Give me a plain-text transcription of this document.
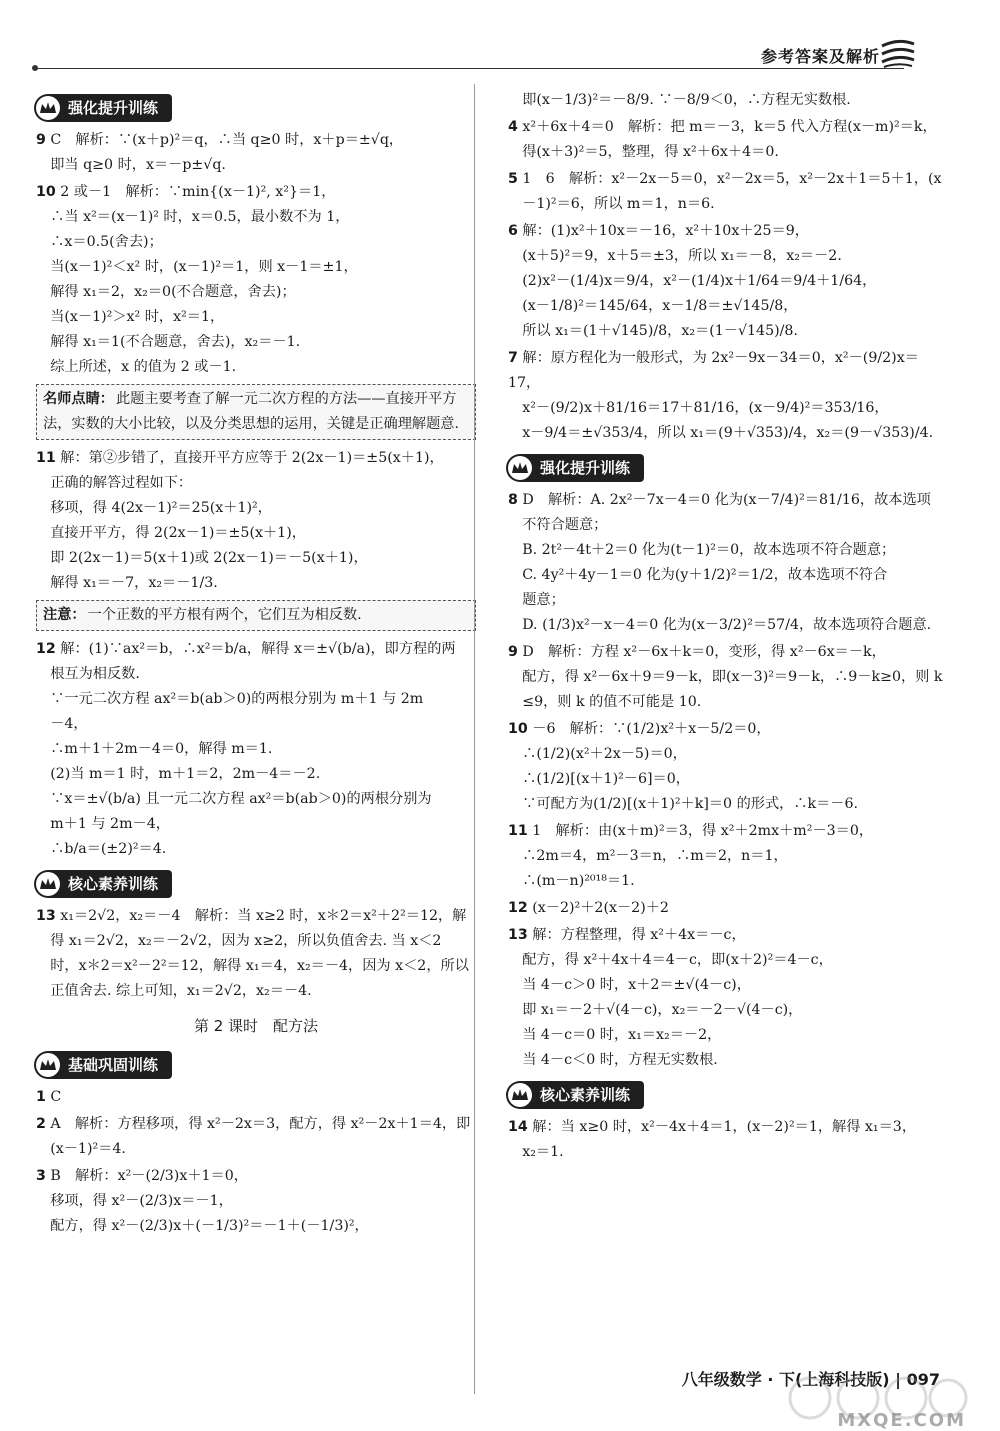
参考答案及解析
强化提升训练
9 C　解析：∵(x＋p)²＝q，∴当 q≥0 时，x＋p＝±√q，
　即当 q≥0 时，x＝－p±√q.
10 2 或－1　解析：∵min{(x－1)², x²}＝1，
　∴当 x²＝(x－1)² 时，x＝0.5，最小数不为 1，
　∴x＝0.5(舍去)；
　当(x－1)²＜x² 时，(x－1)²＝1，则 x－1＝±1，
　解得 x₁＝2，x₂＝0(不合题意，舍去)；
　当(x－1)²＞x² 时，x²＝1，
　解得 x₁＝1(不合题意，舍去)，x₂＝－1.
　综上所述，x 的值为 2 或－1.
名师点睛： 此题主要考查了解一元二次方程的方法——直接开平方法，实数的大小比较，以及分类思想的运用，关键是正确理解题意.
11 解：第②步错了，直接开平方应等于 2(2x－1)＝±5(x＋1)，
　正确的解答过程如下：
　移项，得 4(2x－1)²＝25(x＋1)²，
　直接开平方，得 2(2x－1)＝±5(x＋1)，
　即 2(2x－1)＝5(x＋1)或 2(2x－1)＝－5(x＋1)，
　解得 x₁＝－7，x₂＝－1/3.
注意： 一个正数的平方根有两个，它们互为相反数.
12 解：(1)∵ax²＝b，∴x²＝b/a，解得 x＝±√(b/a)，即方程的两
　根互为相反数.
　∵一元二次方程 ax²＝b(ab＞0)的两根分别为 m＋1 与 2m
　－4，
　∴m＋1＋2m－4＝0，解得 m＝1.
　(2)当 m＝1 时，m＋1＝2，2m－4＝－2.
　∵x＝±√(b/a) 且一元二次方程 ax²＝b(ab＞0)的两根分别为
　m＋1 与 2m－4，
　∴b/a＝(±2)²＝4.
核心素养训练
13 x₁＝2√2，x₂＝－4　解析：当 x≥2 时，x＊2＝x²＋2²＝12，解
　得 x₁＝2√2，x₂＝－2√2，因为 x≥2，所以负值舍去. 当 x＜2
　时，x＊2＝x²－2²＝12，解得 x₁＝4，x₂＝－4，因为 x＜2，所以
　正值舍去. 综上可知，x₁＝2√2，x₂＝－4.
第 2 课时　配方法
基础巩固训练
1 C
2 A　解析：方程移项，得 x²－2x＝3，配方，得 x²－2x＋1＝4，即
　(x－1)²＝4.
3 B　解析：x²－(2/3)x＋1＝0，
　移项，得 x²－(2/3)x＝－1，
　配方，得 x²－(2/3)x＋(－1/3)²＝－1＋(－1/3)²，
　即(x－1/3)²＝－8/9. ∵－8/9＜0，∴方程无实数根.
4 x²＋6x＋4＝0　解析：把 m＝－3，k＝5 代入方程(x－m)²＝k，
　得(x＋3)²＝5，整理，得 x²＋6x＋4＝0.
5 1　6　解析：x²－2x－5＝0，x²－2x＝5，x²－2x＋1＝5＋1，(x
　－1)²＝6，所以 m＝1，n＝6.
6 解：(1)x²＋10x＝－16，x²＋10x＋25＝9，
　(x＋5)²＝9，x＋5＝±3，所以 x₁＝－8，x₂＝－2.
　(2)x²－(1/4)x＝9/4，x²－(1/4)x＋1/64＝9/4＋1/64，
　(x－1/8)²＝145/64，x－1/8＝±√145/8，
　所以 x₁＝(1＋√145)/8，x₂＝(1－√145)/8.
7 解：原方程化为一般形式，为 2x²－9x－34＝0，x²－(9/2)x＝17，
　x²－(9/2)x＋81/16＝17＋81/16，(x－9/4)²＝353/16，
　x－9/4＝±√353/4，所以 x₁＝(9＋√353)/4，x₂＝(9－√353)/4.
强化提升训练
8 D　解析：A. 2x²－7x－4＝0 化为(x－7/4)²＝81/16，故本选项
　不符合题意；
　B. 2t²－4t＋2＝0 化为(t－1)²＝0，故本选项不符合题意；
　C. 4y²＋4y－1＝0 化为(y＋1/2)²＝1/2，故本选项不符合
　题意；
　D. (1/3)x²－x－4＝0 化为(x－3/2)²＝57/4，故本选项符合题意.
9 D　解析：方程 x²－6x＋k＝0，变形，得 x²－6x＝－k，
　配方，得 x²－6x＋9＝9－k，即(x－3)²＝9－k，∴9－k≥0，则 k
　≤9，则 k 的值不可能是 10.
10 －6　解析：∵(1/2)x²＋x－5/2＝0，
　∴(1/2)(x²＋2x－5)＝0，
　∴(1/2)[(x＋1)²－6]＝0，
　∵可配方为(1/2)[(x＋1)²＋k]＝0 的形式，∴k＝－6.
11 1　解析：由(x＋m)²＝3，得 x²＋2mx＋m²－3＝0，
　∴2m＝4，m²－3＝n，∴m＝2，n＝1，
　∴(m－n)²⁰¹⁸＝1.
12 (x－2)²＋2(x－2)＋2
13 解：方程整理，得 x²＋4x＝－c，
　配方，得 x²＋4x＋4＝4－c，即(x＋2)²＝4－c，
　当 4－c＞0 时，x＋2＝±√(4－c)，
　即 x₁＝－2＋√(4－c)，x₂＝－2－√(4－c)，
　当 4－c＝0 时，x₁＝x₂＝－2，
　当 4－c＜0 时，方程无实数根.
核心素养训练
14 解：当 x≥0 时，x²－4x＋4＝1，(x－2)²＝1，解得 x₁＝3，
　x₂＝1.
八年级数学 · 下(上海科技版) | 097
MXQE.COM
